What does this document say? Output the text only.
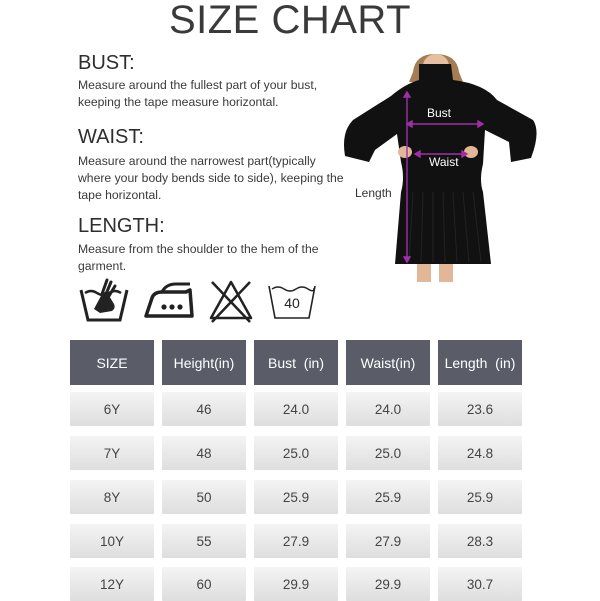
SIZE CHART
BUST:
Measure around the fullest part of your bust, keeping the tape measure horizontal.
WAIST:
Measure around the narrowest part(typically where your body bends side to side), keeping the tape horizontal.
LENGTH:
Measure from the shoulder to the hem of the garment.
40
Bust
Waist
Length
SIZE	Height(in)	Bust  (in)	Waist(in)	Length  (in)
6Y	46	24.0	24.0	23.6
7Y	48	25.0	25.0	24.8
8Y	50	25.9	25.9	25.9
10Y	55	27.9	27.9	28.3
12Y	60	29.9	29.9	30.7
